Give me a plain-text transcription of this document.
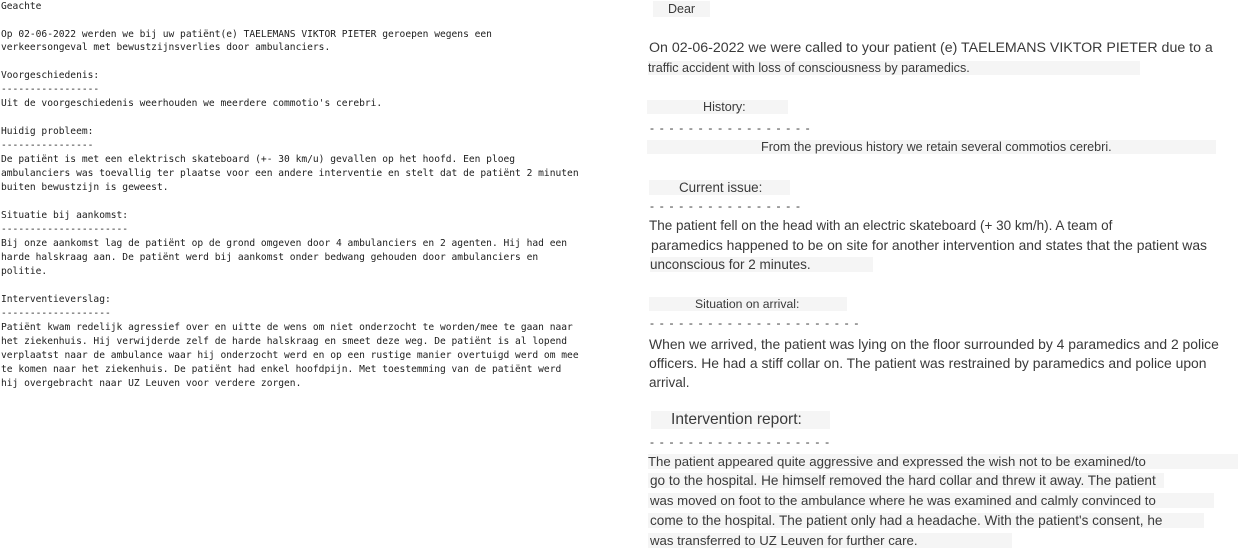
Geachte
Op 02-06-2022 werden we bij uw patiënt(e) TAELEMANS VIKTOR PIETER geroepen wegens een
verkeersongeval met bewustzijnsverlies door ambulanciers.
Voorgeschiedenis:
-----------------
Uit de voorgeschiedenis weerhouden we meerdere commotio's cerebri.
Huidig probleem:
----------------
De patiënt is met een elektrisch skateboard (+- 30 km/u) gevallen op het hoofd. Een ploeg
ambulanciers was toevallig ter plaatse voor een andere interventie en stelt dat de patiënt 2 minuten
buiten bewustzijn is geweest.
Situatie bij aankomst:
----------------------
Bij onze aankomst lag de patiënt op de grond omgeven door 4 ambulanciers en 2 agenten. Hij had een
harde halskraag aan. De patiënt werd bij aankomst onder bedwang gehouden door ambulanciers en
politie.
Interventieverslag:
-------------------
Patiënt kwam redelijk agressief over en uitte de wens om niet onderzocht te worden/mee te gaan naar
het ziekenhuis. Hij verwijderde zelf de harde halskraag en smeet deze weg. De patiënt is al lopend
verplaatst naar de ambulance waar hij onderzocht werd en op een rustige manier overtuigd werd om mee
te komen naar het ziekenhuis. De patiënt had enkel hoofdpijn. Met toestemming van de patiënt werd
hij overgebracht naar UZ Leuven voor verdere zorgen.
Dear
On 02-06-2022 we were called to your patient (e) TAELEMANS VIKTOR PIETER due to a
traffic accident with loss of consciousness by paramedics.
History:
- - - - - - - - - - - - - - - - -
From the previous history we retain several commotios cerebri.
Current issue:
- - - - - - - - - - - - - - - -
The patient fell on the head with an electric skateboard (+ 30 km/h). A team of
paramedics happened to be on site for another intervention and states that the patient was
unconscious for 2 minutes.
Situation on arrival:
- - - - - - - - - - - - - - - - - - - - - -
When we arrived, the patient was lying on the floor surrounded by 4 paramedics and 2 police
officers. He had a stiff collar on. The patient was restrained by paramedics and police upon
arrival.
Intervention report:
- - - - - - - - - - - - - - - - - - -
The patient appeared quite aggressive and expressed the wish not to be examined/to
go to the hospital. He himself removed the hard collar and threw it away. The patient
was moved on foot to the ambulance where he was examined and calmly convinced to
come to the hospital. The patient only had a headache. With the patient's consent, he
was transferred to UZ Leuven for further care.
